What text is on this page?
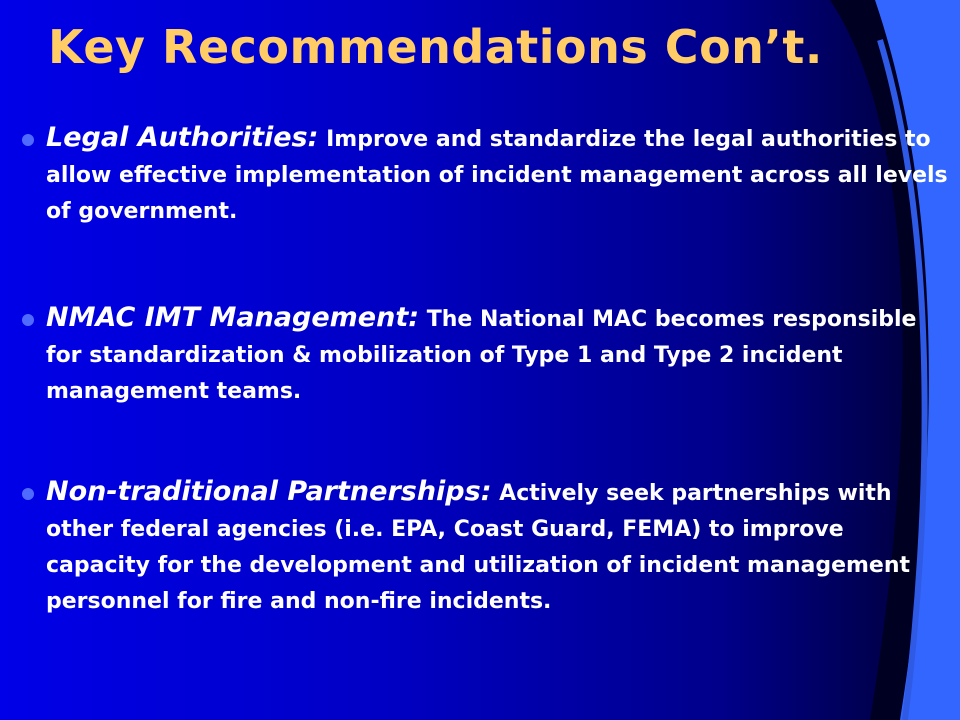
Key Recommendations Con’t.
Legal Authorities: Improve and standardize the legal authorities to allow effective implementation of incident management across all levels of government.
NMAC IMT Management: The National MAC becomes responsible for standardization & mobilization of Type 1 and Type 2 incident management teams.
Non-traditional Partnerships: Actively seek partnerships with other federal agencies (i.e. EPA, Coast Guard, FEMA) to improve capacity for the development and utilization of incident management personnel for fire and non-fire incidents.
